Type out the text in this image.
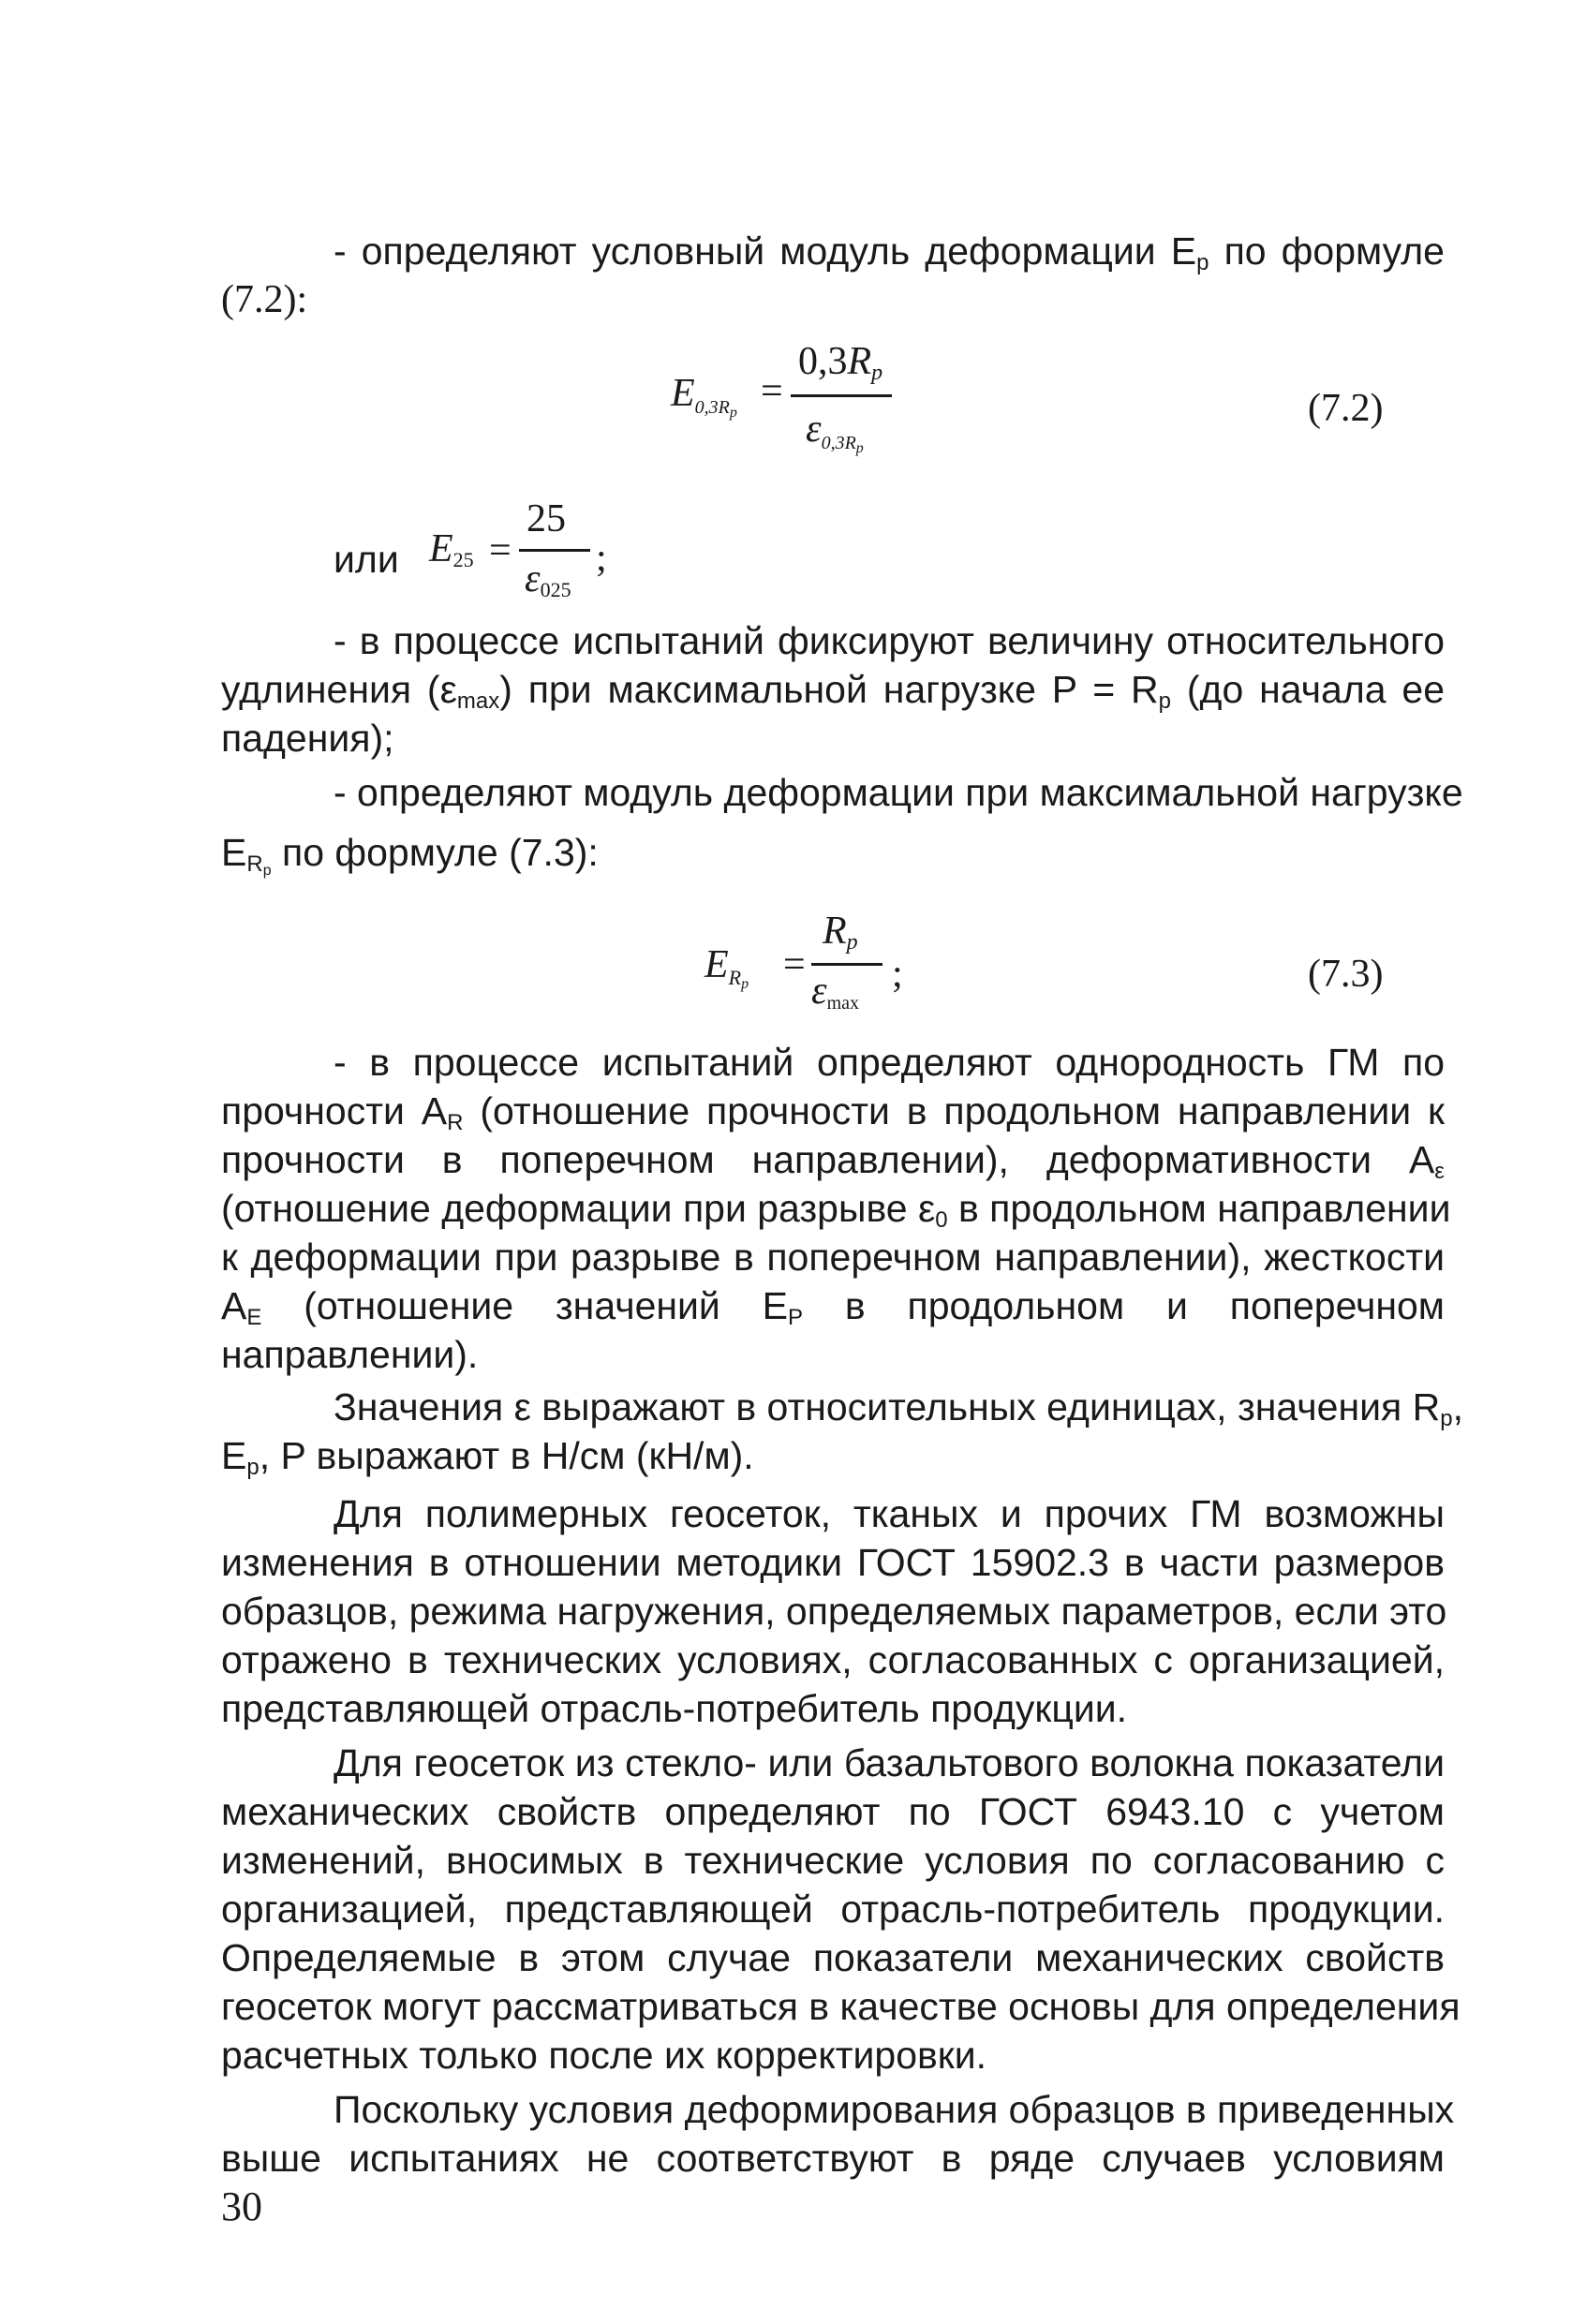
- определяют условный модуль деформации $E_р$ по формуле
(7.2):
$E_{0,3R_p}$ =
$0,3R_p$
$\varepsilon_{0,3R_p}$
(7.2)
или $E_{25}$ =
25
$\varepsilon_{025}$
;
- в процессе испытаний фиксируют величину относительного
удлинения $(\varepsilon_{max})$ при максимальной нагрузке $P = R_р$ (до начала ее
падения);
- определяют модуль деформации при максимальной нагрузке
$E_{R_p}$ по формуле (7.3):
$E_{R_p}$ =
$R_p$
$\varepsilon_{max}$
;	(7.3)
- в процессе испытаний определяют однородность ГМ по
прочности $A_R$ (отношение прочности в продольном направлении к
прочности в поперечном направлении), деформативности $A_\varepsilon$
(отношение деформации при разрыве $\varepsilon_0$ в продольном направлении
к деформации при разрыве в поперечном направлении), жесткости
$A_E$ (отношение значений $E_P$ в продольном и поперечном
направлении).
Значения ε выражают в относительных единицах, значения $R_р$,
$E_р$, P выражают в Н/см (кН/м).
Для полимерных геосеток, тканых и прочих ГМ возможны
изменения в отношении методики ГОСТ 15902.3 в части размеров
образцов, режима нагружения, определяемых параметров, если это
отражено в технических условиях, согласованных с организацией,
представляющей отрасль-потребитель продукции.
Для геосеток из стекло- или базальтового волокна показатели
механических свойств определяют по ГОСТ 6943.10 с учетом
изменений, вносимых в технические условия по согласованию с
организацией, представляющей отрасль-потребитель продукции.
Определяемые в этом случае показатели механических свойств
геосеток могут рассматриваться в качестве основы для определения
расчетных только после их корректировки.
Поскольку условия деформирования образцов в приведенных
выше испытаниях не соответствуют в ряде случаев условиям
30
